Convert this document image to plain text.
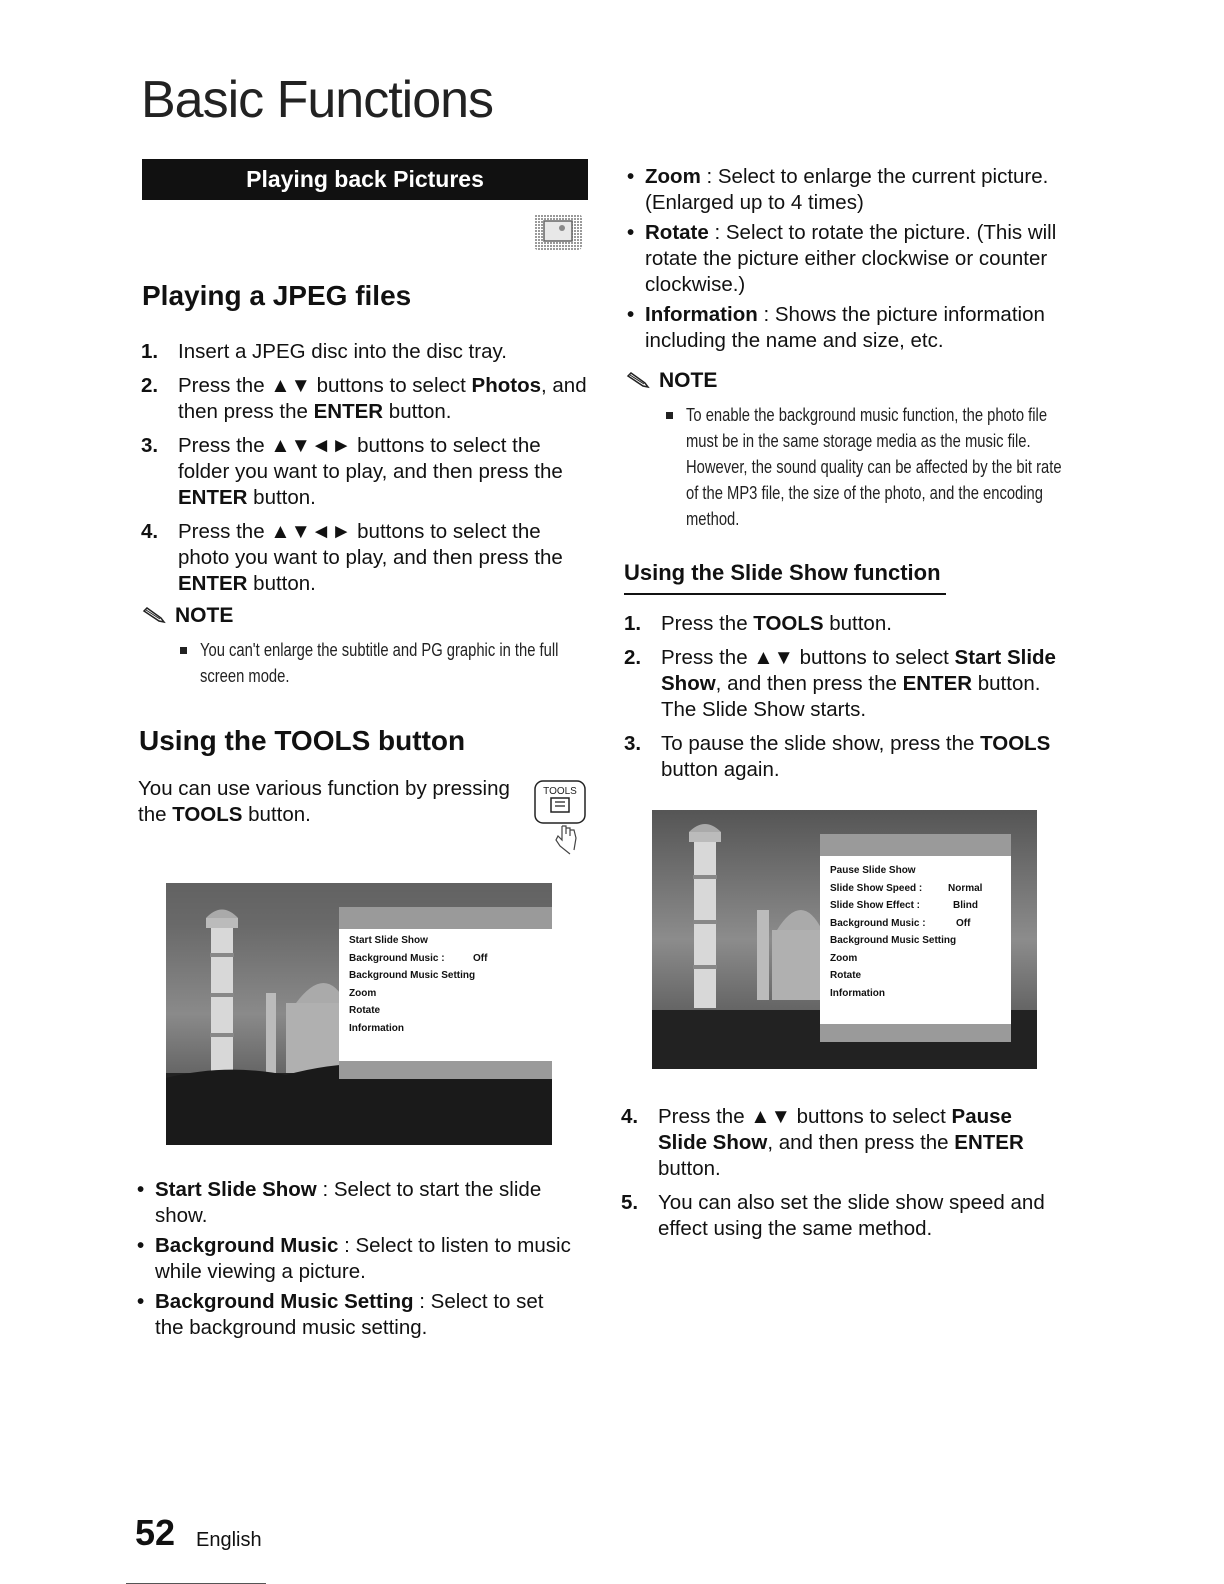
Basic Functions
Playing back Pictures
Playing a JPEG files
1. Insert a JPEG disc into the disc tray.
2. Press the ▲▼ buttons to select Photos, and then press the ENTER button.
3. Press the ▲▼◄► buttons to select the folder you want to play, and then press the ENTER button.
4. Press the ▲▼◄► buttons to select the photo you want to play, and then press the ENTER button.
NOTE
You can't enlarge the subtitle and PG graphic in the full screen mode.
Using the TOOLS button
You can use various function by pressing the TOOLS button.
TOOLS
Start Slide Show
Background Music :	Off
Background Music Setting
Zoom
Rotate
Information
• Start Slide Show : Select to start the slide show.
• Background Music : Select to listen to music while viewing a picture.
• Background Music Setting : Select to set the background music setting.
• Zoom : Select to enlarge the current picture. (Enlarged up to 4 times)
• Rotate : Select to rotate the picture. (This will rotate the picture either clockwise or counter clockwise.)
• Information : Shows the picture information including the name and size, etc.
NOTE
To enable the background music function, the photo file must be in the same storage media as the music file. However, the sound quality can be affected by the bit rate of the MP3 file, the size of the photo, and the encoding method.
Using the Slide Show function
1. Press the TOOLS button.
2. Press the ▲▼ buttons to select Start Slide Show, and then press the ENTER button. The Slide Show starts.
3. To pause the slide show, press the TOOLS button again.
Pause Slide Show
Slide Show Speed :	Normal
Slide Show Effect :	Blind
Background Music :	Off
Background Music Setting
Zoom
Rotate
Information
4. Press the ▲▼ buttons to select Pause Slide Show, and then press the ENTER button.
5. You can also set the slide show speed and effect using the same method.
52 English
